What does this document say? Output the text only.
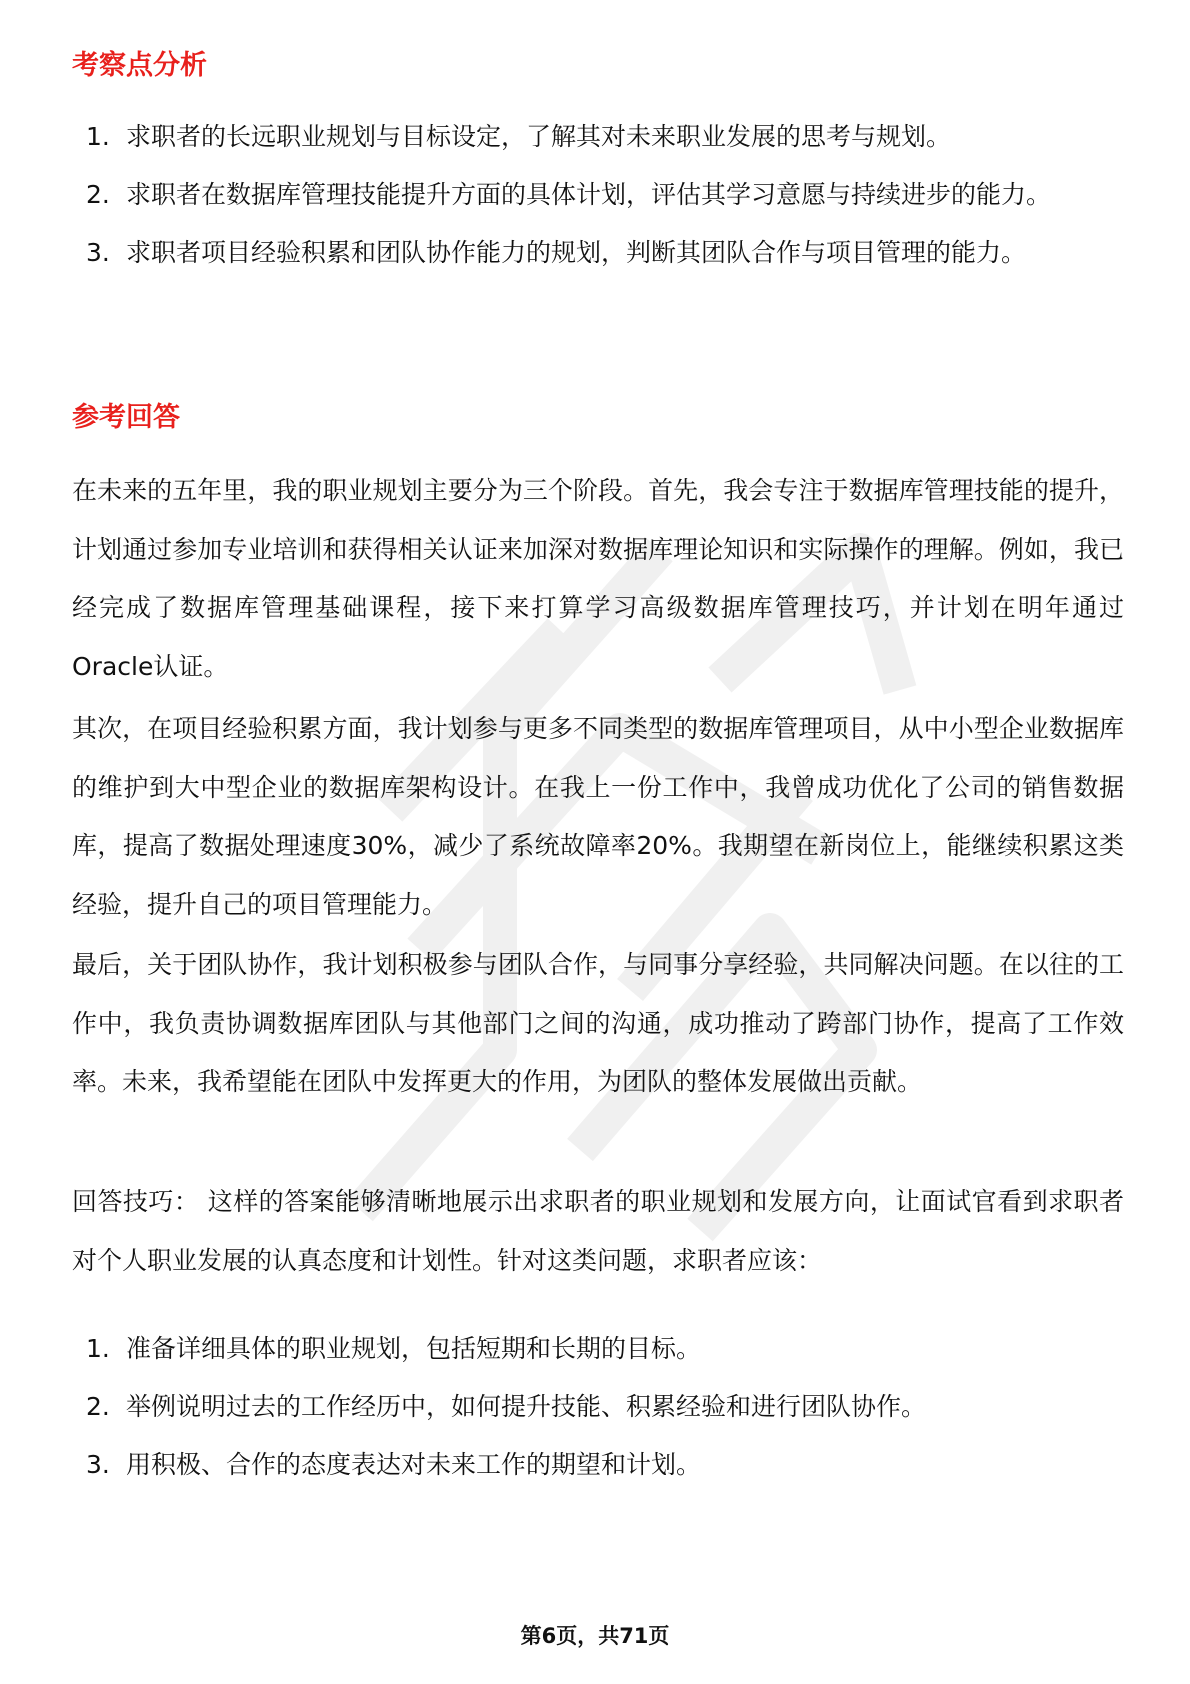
考察点分析
1. 求职者的长远职业规划与目标设定，了解其对未来职业发展的思考与规划。
2. 求职者在数据库管理技能提升方面的具体计划，评估其学习意愿与持续进步的能力。
3. 求职者项目经验积累和团队协作能力的规划，判断其团队合作与项目管理的能力。
参考回答

在未来的五年里，我的职业规划主要分为三个阶段。首先，我会专注于数据库管理技能的提升，计划通过参加专业培训和获得相关认证来加深对数据库理论知识和实际操作的理解。例如，我已经完成了数据库管理基础课程，接下来打算学习高级数据库管理技巧，并计划在明年通过Oracle认证。

其次，在项目经验积累方面，我计划参与更多不同类型的数据库管理项目，从中小型企业数据库的维护到大中型企业的数据库架构设计。在我上一份工作中，我曾成功优化了公司的销售数据库，提高了数据处理速度30%，减少了系统故障率20%。我期望在新岗位上，能继续积累这类经验，提升自己的项目管理能力。

最后，关于团队协作，我计划积极参与团队合作，与同事分享经验，共同解决问题。在以往的工作中，我负责协调数据库团队与其他部门之间的沟通，成功推动了跨部门协作，提高了工作效率。未来，我希望能在团队中发挥更大的作用，为团队的整体发展做出贡献。

回答技巧： 这样的答案能够清晰地展示出求职者的职业规划和发展方向，让面试官看到求职者对个人职业发展的认真态度和计划性。针对这类问题，求职者应该：

1. 准备详细具体的职业规划，包括短期和长期的目标。
2. 举例说明过去的工作经历中，如何提升技能、积累经验和进行团队协作。
3. 用积极、合作的态度表达对未来工作的期望和计划。
第6页，共71页
